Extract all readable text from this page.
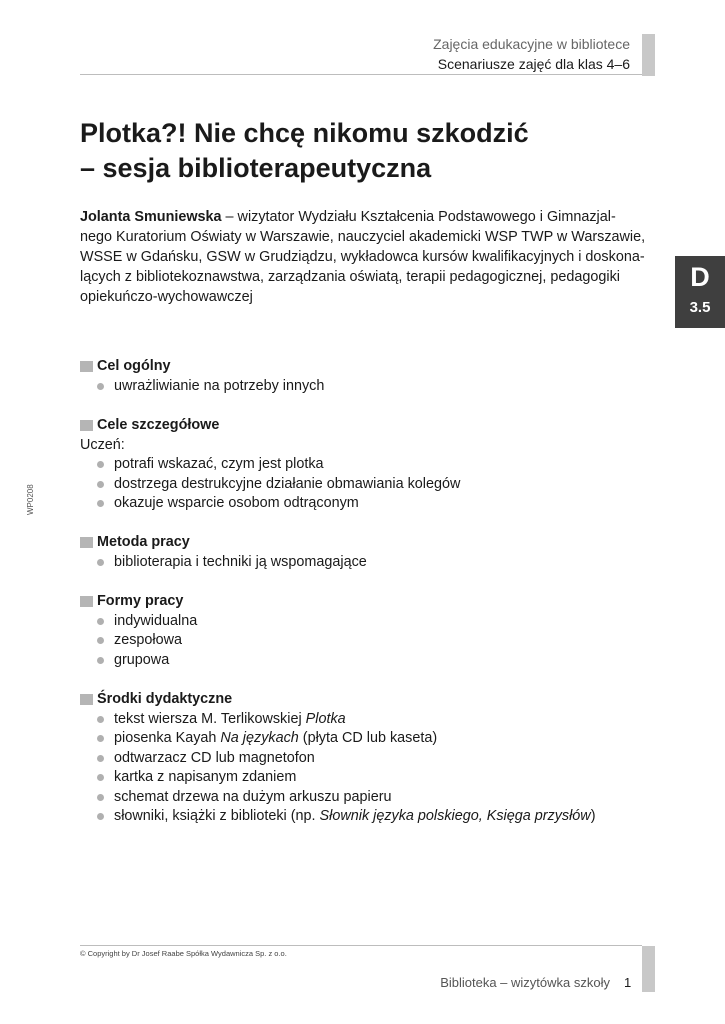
Zajęcia edukacyjne w bibliotece
Scenariusze zajęć dla klas 4–6
Plotka?! Nie chcę nikomu szkodzić
– sesja biblioterapeutyczna
Jolanta Smuniewska – wizytator Wydziału Kształcenia Podstawowego i Gimnazjal-
nego Kuratorium Oświaty w Warszawie, nauczyciel akademicki WSP TWP w Warszawie,
WSSE w Gdańsku, GSW w Grudziądzu, wykładowca kursów kwalifikacyjnych i doskona-
lących z bibliotekoznawstwa, zarządzania oświatą, terapii pedagogicznej, pedagogiki
opiekuńczo-wychowawczej
D
3.5
WP0208
Cel ogólny
uwrażliwianie na potrzeby innych
Cele szczegółowe
Uczeń:
potrafi wskazać, czym jest plotka
dostrzega destrukcyjne działanie obmawiania kolegów
okazuje wsparcie osobom odtrąconym
Metoda pracy
biblioterapia i techniki ją wspomagające
Formy pracy
indywidualna
zespołowa
grupowa
Środki dydaktyczne
tekst wiersza M. Terlikowskiej Plotka
piosenka Kayah Na językach (płyta CD lub kaseta)
odtwarzacz CD lub magnetofon
kartka z napisanym zdaniem
schemat drzewa na dużym arkuszu papieru
słowniki, książki z biblioteki (np. Słownik języka polskiego, Księga przysłów)
© Copyright by Dr Josef Raabe Spółka Wydawnicza Sp. z o.o.
Biblioteka – wizytówka szkoły 1
